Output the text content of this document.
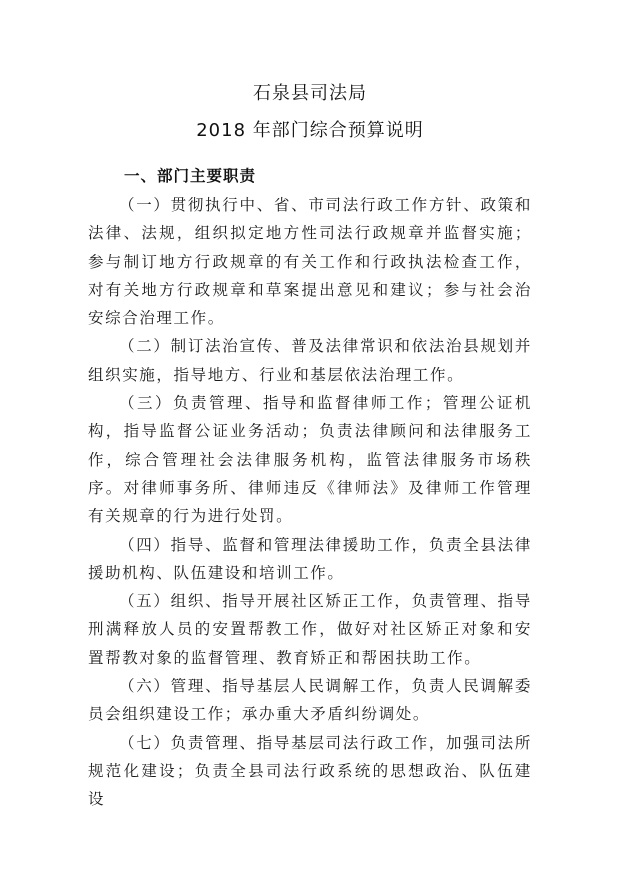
石泉县司法局
2018 年部门综合预算说明
一、部门主要职责

（一）贯彻执行中、省、市司法行政工作方针、政策和法律、法规，组织拟定地方性司法行政规章并监督实施；参与制订地方行政规章的有关工作和行政执法检查工作，对有关地方行政规章和草案提出意见和建议；参与社会治安综合治理工作。

（二）制订法治宣传、普及法律常识和依法治县规划并组织实施，指导地方、行业和基层依法治理工作。

（三）负责管理、指导和监督律师工作；管理公证机构，指导监督公证业务活动；负责法律顾问和法律服务工作，综合管理社会法律服务机构，监管法律服务市场秩序。对律师事务所、律师违反《律师法》及律师工作管理有关规章的行为进行处罚。

（四）指导、监督和管理法律援助工作，负责全县法律援助机构、队伍建设和培训工作。

（五）组织、指导开展社区矫正工作，负责管理、指导刑满释放人员的安置帮教工作，做好对社区矫正对象和安置帮教对象的监督管理、教育矫正和帮困扶助工作。

（六）管理、指导基层人民调解工作，负责人民调解委员会组织建设工作；承办重大矛盾纠纷调处。

（七）负责管理、指导基层司法行政工作，加强司法所规范化建设；负责全县司法行政系统的思想政治、队伍建设
